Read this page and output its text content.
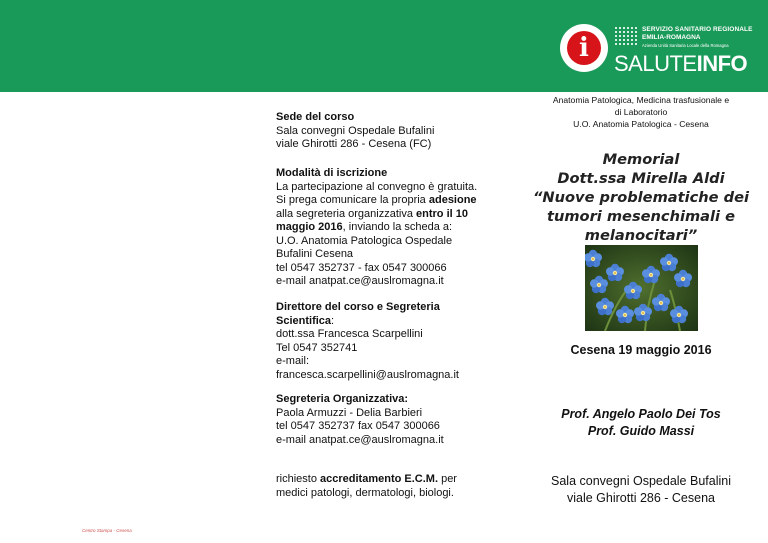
i
SERVIZIO SANITARIO REGIONALE
EMILIA-ROMAGNA
Azienda Unità Sanitaria Locale della Romagna
SALUTEINFO

Sede del corso

Sala convegni Ospedale Bufalini

viale Ghirotti 286 - Cesena (FC)

Modalità di iscrizione

La partecipazione al convegno è gratuita.

Si prega comunicare la propria adesione

alla segreteria organizzativa entro il 10

maggio 2016, inviando la scheda a:

U.O. Anatomia Patologica Ospedale

Bufalini Cesena

tel 0547 352737 - fax 0547 300066

e-mail anatpat.ce@auslromagna.it

Direttore del corso e Segreteria

Scientifica:

dott.ssa Francesca Scarpellini

Tel 0547 352741

e-mail:

francesca.scarpellini@auslromagna.it

Segreteria Organizzativa:

Paola Armuzzi - Delia Barbieri

tel 0547 352737 fax 0547 300066

e-mail anatpat.ce@auslromagna.it

richiesto accreditamento E.C.M. per

medici patologi, dermatologi, biologi.

Anatomia Patologica, Medicina trasfusionale e
di Laboratorio
U.O. Anatomia Patologica - Cesena
Memorial
Dott.ssa Mirella Aldi
“Nuove problematiche dei
tumori mesenchimali e
melanocitari”
Cesena 19 maggio 2016
Prof. Angelo Paolo Dei Tos
Prof. Guido Massi
Sala convegni Ospedale Bufalini
viale Ghirotti 286 - Cesena
Centro Stampa - Cesena
